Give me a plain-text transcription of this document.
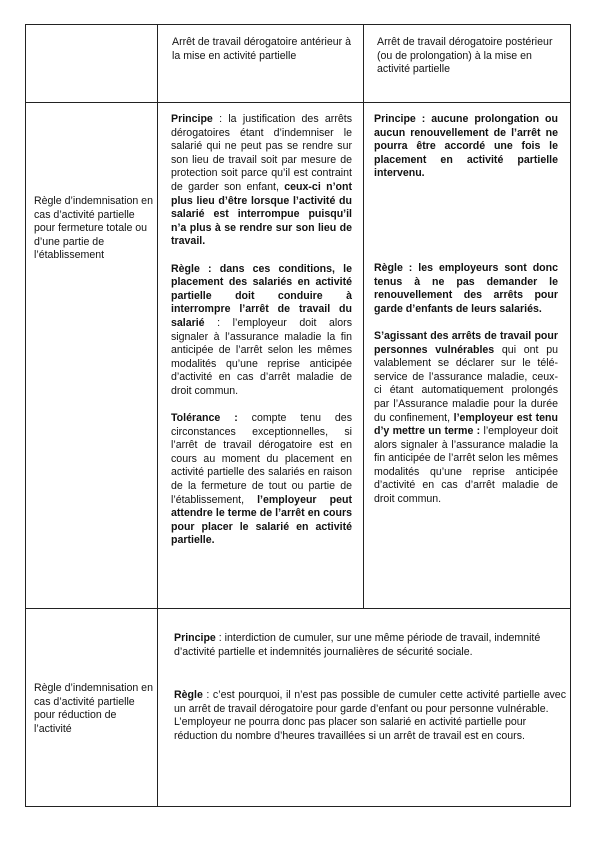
Arrêt de travail dérogatoire antérieur à la mise en activité partielle
Arrêt de travail dérogatoire postérieur (ou de prolongation) à la mise en activité partielle
Règle d’indemnisation en cas d’activité partielle pour fermeture totale ou d’une partie de l’établissement

Principe : la justification des arrêts dérogatoires étant d’indemniser le salarié qui ne peut pas se rendre sur son lieu de travail soit par mesure de protection soit parce qu’il est contraint de garder son enfant, ceux-ci n’ont plus lieu d’être lorsque l’activité du salarié est interrompue puisqu’il n’a plus à se rendre sur son lieu de travail.

Règle : dans ces conditions, le placement des salariés en activité partielle doit conduire à interrompre l’arrêt de travail du salarié : l’employeur doit alors signaler à l’assurance maladie la fin anticipée de l’arrêt selon les mêmes modalités qu’une reprise anticipée d’activité en cas d’arrêt maladie de droit commun.

Tolérance : compte tenu des circonstances exceptionnelles, si l’arrêt de travail dérogatoire est en cours au moment du placement en activité partielle des salariés en raison de la fermeture de tout ou partie de l’établissement, l’employeur peut attendre le terme de l’arrêt en cours pour placer le salarié en activité partielle.

Principe : aucune prolongation ou aucun renouvellement de l’arrêt ne pourra être accordé une fois le placement en activité partielle intervenu.

Règle : les employeurs sont donc tenus à ne pas demander le renouvellement des arrêts pour garde d’enfants de leurs salariés.

S’agissant des arrêts de travail pour personnes vulnérables qui ont pu valablement se déclarer sur le télé-service de l’assurance maladie, ceux-ci étant automatiquement prolongés par l’Assurance maladie pour la durée du confinement, l’employeur est tenu d’y mettre un terme : l’employeur doit alors signaler à l’assurance maladie la fin anticipée de l’arrêt selon les mêmes modalités qu’une reprise anticipée d’activité en cas d’arrêt maladie de droit commun.

Règle d’indemnisation en cas d’activité partielle pour réduction de l’activité

Principe : interdiction de cumuler, sur une même période de travail, indemnité d’activité partielle et indemnités journalières de sécurité sociale.

Règle : c’est pourquoi, il n’est pas possible de cumuler cette activité partielle avec un arrêt de travail dérogatoire pour garde d’enfant ou pour personne vulnérable.

L’employeur ne pourra donc pas placer son salarié en activité partielle pour réduction du nombre d’heures travaillées si un arrêt de travail est en cours.
